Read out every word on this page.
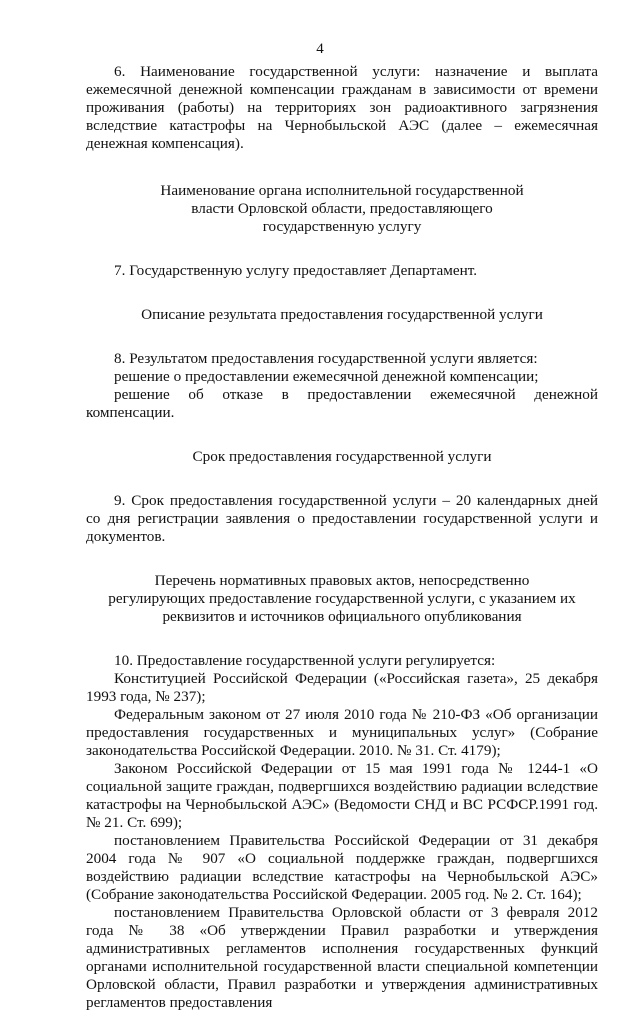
4

6. Наименование государственной услуги: назначение и выплата ежемесячной денежной компенсации гражданам в зависимости от времени проживания (работы) на территориях зон радиоактивного загрязнения вследствие катастрофы на Чернобыльской АЭС (далее – ежемесячная денежная компенсация).

Наименование органа исполнительной государственной власти Орловской области, предоставляющего государственную услугу

7. Государственную услугу предоставляет Департамент.

Описание результата предоставления государственной услуги

8. Результатом предоставления государственной услуги является:

решение о предоставлении ежемесячной денежной компенсации;

решение об отказе в предоставлении ежемесячной денежной компенсации.

Срок предоставления государственной услуги

9. Срок предоставления государственной услуги – 20 календарных дней со дня регистрации заявления о предоставлении государственной услуги и документов.

Перечень нормативных правовых актов, непосредственно регулирующих предоставление государственной услуги, с указанием их реквизитов и источников официального опубликования

10. Предоставление государственной услуги регулируется:

Конституцией Российской Федерации («Российская газета», 25 декабря 1993 года, № 237);

Федеральным законом от 27 июля 2010 года № 210-ФЗ «Об организации предоставления государственных и муниципальных услуг» (Собрание законодательства Российской Федерации. 2010. № 31. Ст. 4179);

Законом Российской Федерации от 15 мая 1991 года № 1244-1 «О социальной защите граждан, подвергшихся воздействию радиации вследствие катастрофы на Чернобыльской АЭС» (Ведомости СНД и ВС РСФСР.1991 год. № 21. Ст. 699);

постановлением Правительства Российской Федерации от 31 декабря 2004 года № 907 «О социальной поддержке граждан, подвергшихся воздействию радиации вследствие катастрофы на Чернобыльской АЭС» (Собрание законодательства Российской Федерации. 2005 год. № 2. Ст. 164);

постановлением Правительства Орловской области от 3 февраля 2012 года № 38 «Об утверждении Правил разработки и утверждения административных регламентов исполнения государственных функций органами исполнительной государственной власти специальной компетенции Орловской области, Правил разработки и утверждения административных регламентов предоставления
